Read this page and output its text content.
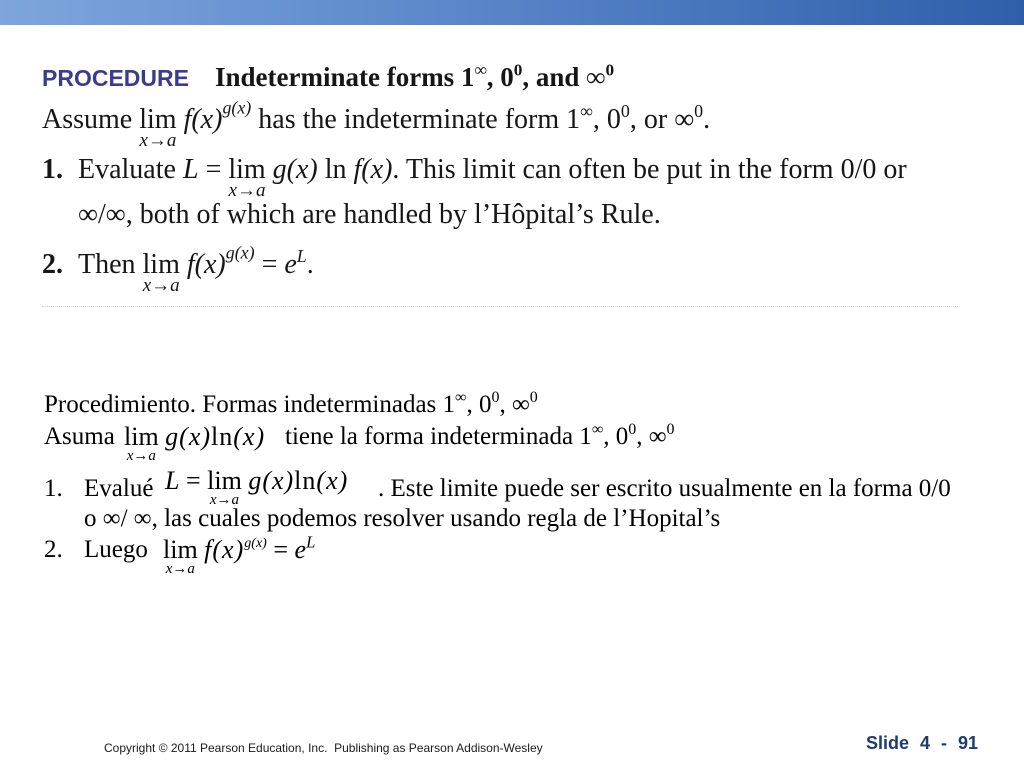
PROCEDURE Indeterminate forms 1∞, $0^0$, and ∞$^0$
Assume lim
x→a
$f(x)^{g(x)}$ has the indeterminate form 1∞, $0^0$, or ∞$^0$.
1. Evaluate L = lim
x→a
g(x) ln f(x). This limit can often be put in the form 0/0 or
∞/∞, both of which are handled by l’Hôpital’s Rule.
2. Then lim
x→a
$f(x)^{g(x)} = e^L$.
Procedimiento. Formas indeterminadas 1∞, $0^0$, ∞$^0$
Asuma lim
x→a
g(x)ln(x) tiene la forma indeterminada 1∞, $0^0$, ∞$^0$
1. Evalué L = lim
x→a
g(x)ln(x) . Este limite puede ser escrito usualmente en la forma 0/0
o ∞/ ∞, las cuales podemos resolver usando regla de l’Hopital’s
2. Luego lim
x→a
$f(x)^{g(x)} = e^L$
Copyright © 2011 Pearson Education, Inc.  Publishing as Pearson Addison-Wesley	Slide 4 - 91
